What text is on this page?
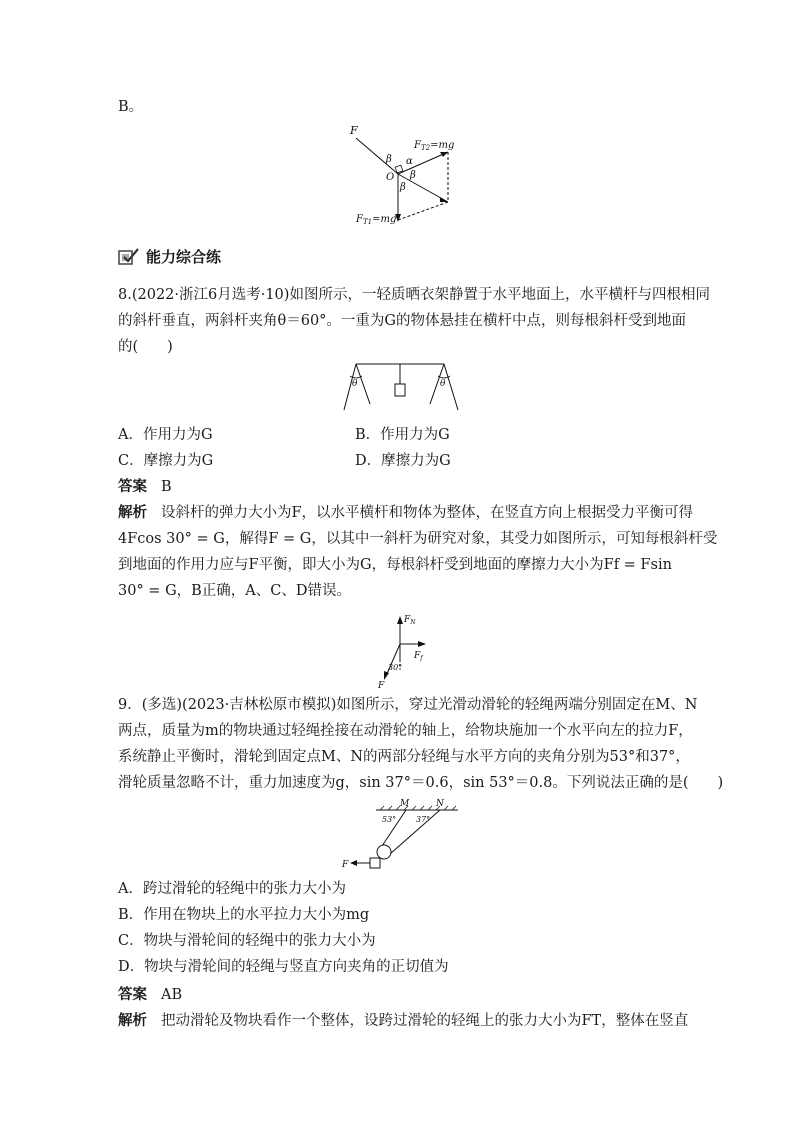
B。
F
$F_{T2}=mg$
α
β
β
β
O
$F_{T1}=mg$
能力综合练
8.(2022·浙江6月选考·10)如图所示，一轻质晒衣架静置于水平地面上，水平横杆与四根相同
的斜杆垂直，两斜杆夹角θ＝60°。一重为G的物体悬挂在横杆中点，则每根斜杆受到地面
的(　　)
θ	θ
A．作用力为G	B．作用力为G
C．摩擦力为G	D．摩擦力为G
答案 B
解析 设斜杆的弹力大小为F，以水平横杆和物体为整体，在竖直方向上根据受力平衡可得
4Fcos 30° = G，解得F = G，以其中一斜杆为研究对象，其受力如图所示，可知每根斜杆受
到地面的作用力应与F平衡，即大小为G，每根斜杆受到地面的摩擦力大小为Ff = Fsin
30° = G，B正确，A、C、D错误。
$F_N$
$F_f$
30°
F
9．(多选)(2023·吉林松原市模拟)如图所示，穿过光滑动滑轮的轻绳两端分别固定在M、N
两点，质量为m的物块通过轻绳拴接在动滑轮的轴上，给物块施加一个水平向左的拉力F，
系统静止平衡时，滑轮到固定点M、N的两部分轻绳与水平方向的夹角分别为53°和37°，
滑轮质量忽略不计，重力加速度为g，sin 37°＝0.6，sin 53°＝0.8。下列说法正确的是(　　)
M	N
53° 37°
F
A．跨过滑轮的轻绳中的张力大小为
B．作用在物块上的水平拉力大小为mg
C．物块与滑轮间的轻绳中的张力大小为
D．物块与滑轮间的轻绳与竖直方向夹角的正切值为
答案 AB
解析 把动滑轮及物块看作一个整体，设跨过滑轮的轻绳上的张力大小为FT，整体在竖直
